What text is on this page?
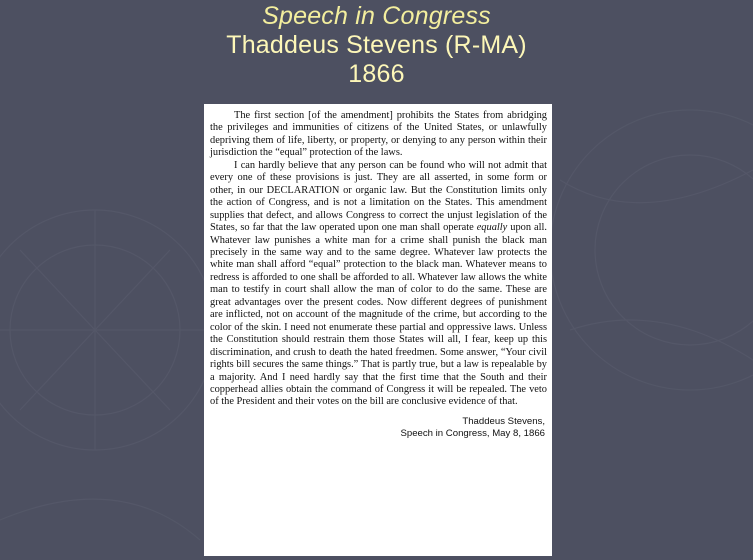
Speech in Congress
Thaddeus Stevens (R-MA)
1866

The first section [of the amendment] prohibits the States from abridging the privileges and immunities of citizens of the United States, or unlawfully depriving them of life, liberty, or property, or denying to any person within their jurisdiction the “equal” protection of the laws.

I can hardly believe that any person can be found who will not admit that every one of these provisions is just. They are all asserted, in some form or other, in our DECLARATION or organic law. But the Constitution limits only the action of Congress, and is not a limitation on the States. This amendment supplies that defect, and allows Congress to correct the unjust legislation of the States, so far that the law operated upon one man shall operate equally upon all. Whatever law punishes a white man for a crime shall punish the black man precisely in the same way and to the same degree. Whatever law protects the white man shall afford “equal” protection to the black man. Whatever means to redress is afforded to one shall be afforded to all. Whatever law allows the white man to testify in court shall allow the man of color to do the same. These are great advantages over the present codes. Now different degrees of punishment are inflicted, not on account of the magnitude of the crime, but according to the color of the skin. I need not enumerate these partial and oppressive laws. Unless the Constitution should restrain them those States will all, I fear, keep up this discrimination, and crush to death the hated freedmen. Some answer, “Your civil rights bill secures the same things.” That is partly true, but a law is repealable by a majority. And I need hardly say that the first time that the South and their copperhead allies obtain the command of Congress it will be repealed. The veto of the President and their votes on the bill are conclusive evidence of that.

Thaddeus Stevens,
Speech in Congress, May 8, 1866
